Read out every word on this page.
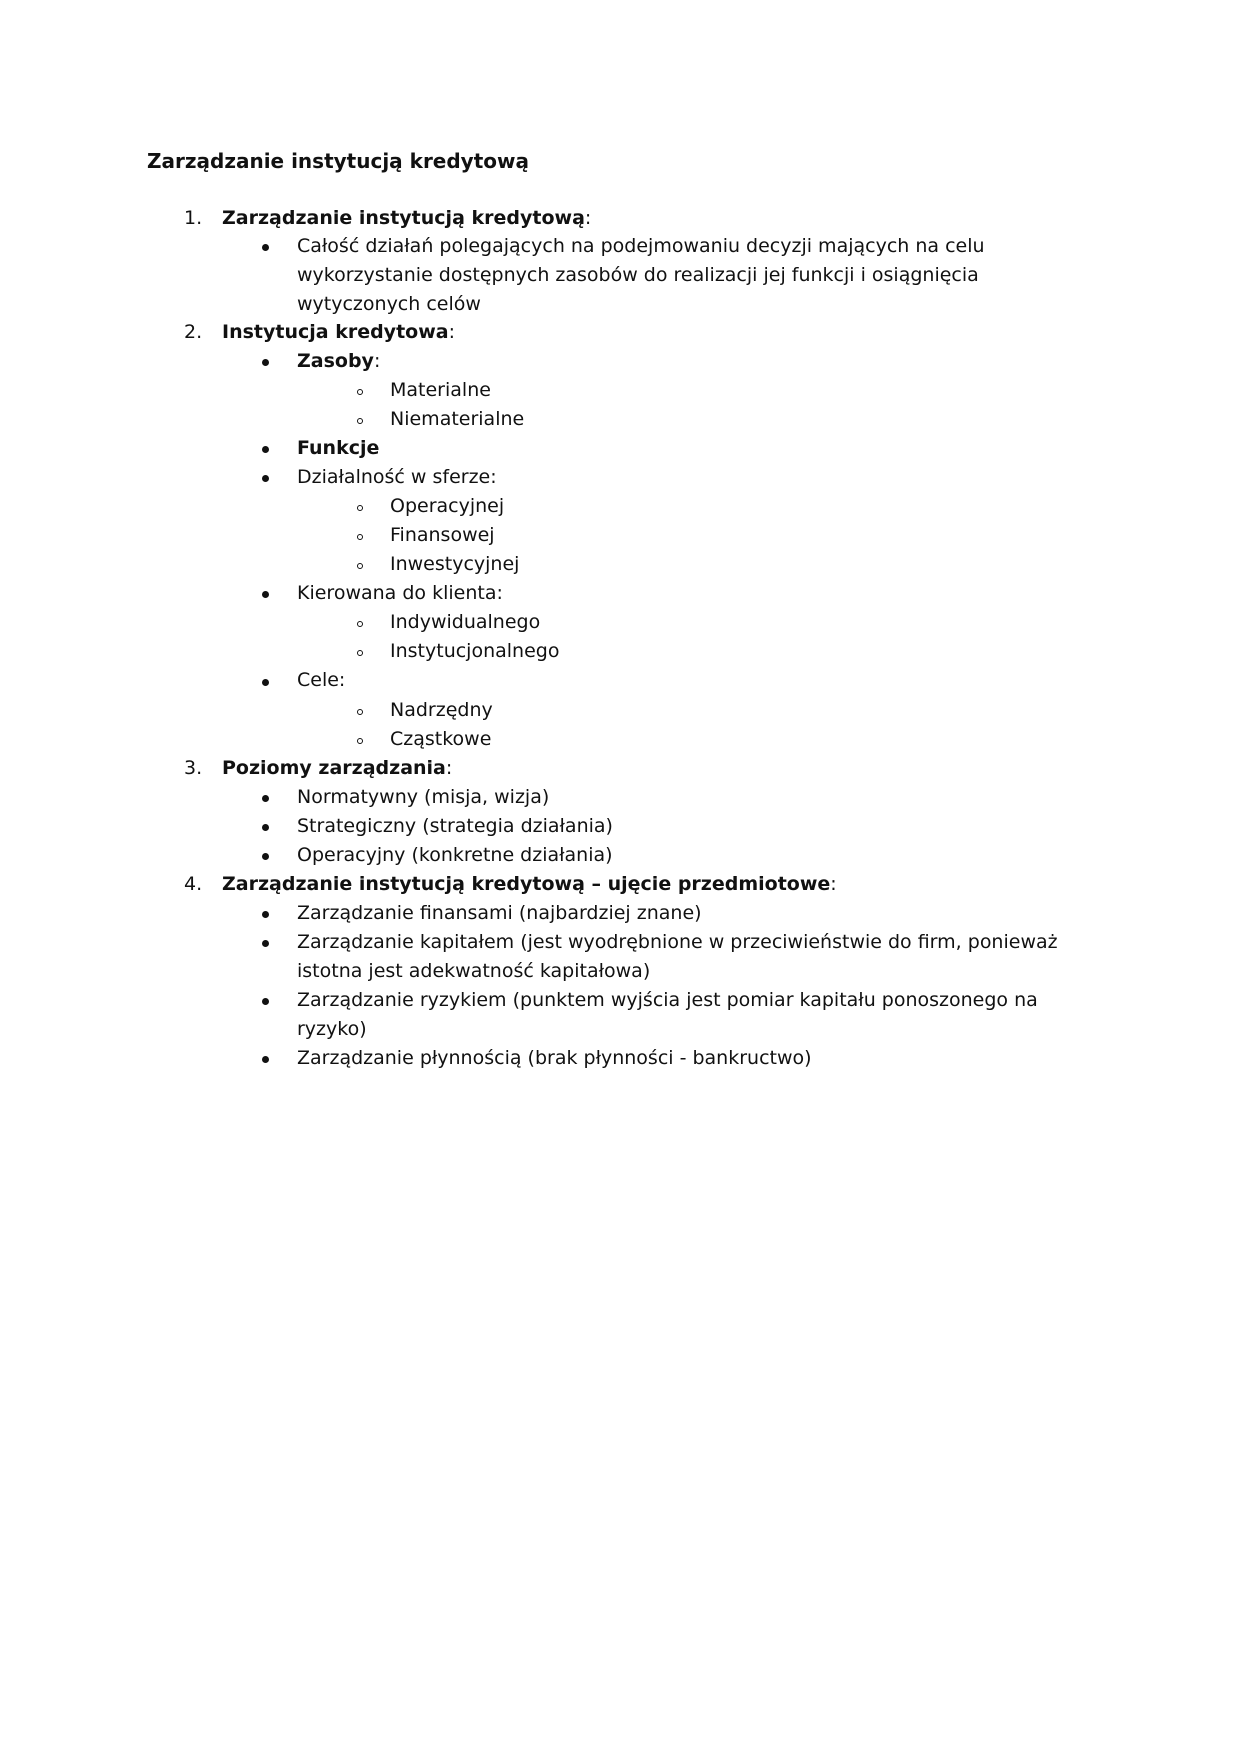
Zarządzanie instytucją kredytową
1. Zarządzanie instytucją kredytową:
Całość działań polegających na podejmowaniu decyzji mających na celu
wykorzystanie dostępnych zasobów do realizacji jej funkcji i osiągnięcia
wytyczonych celów
2. Instytucja kredytowa:
Zasoby:
Materialne
Niematerialne
Funkcje
Działalność w sferze:
Operacyjnej
Finansowej
Inwestycyjnej
Kierowana do klienta:
Indywidualnego
Instytucjonalnego
Cele:
Nadrzędny
Cząstkowe
3. Poziomy zarządzania:
Normatywny (misja, wizja)
Strategiczny (strategia działania)
Operacyjny (konkretne działania)
4. Zarządzanie instytucją kredytową – ujęcie przedmiotowe:
Zarządzanie finansami (najbardziej znane)
Zarządzanie kapitałem (jest wyodrębnione w przeciwieństwie do firm, ponieważ
istotna jest adekwatność kapitałowa)
Zarządzanie ryzykiem (punktem wyjścia jest pomiar kapitału ponoszonego na
ryzyko)
Zarządzanie płynnością (brak płynności - bankructwo)
